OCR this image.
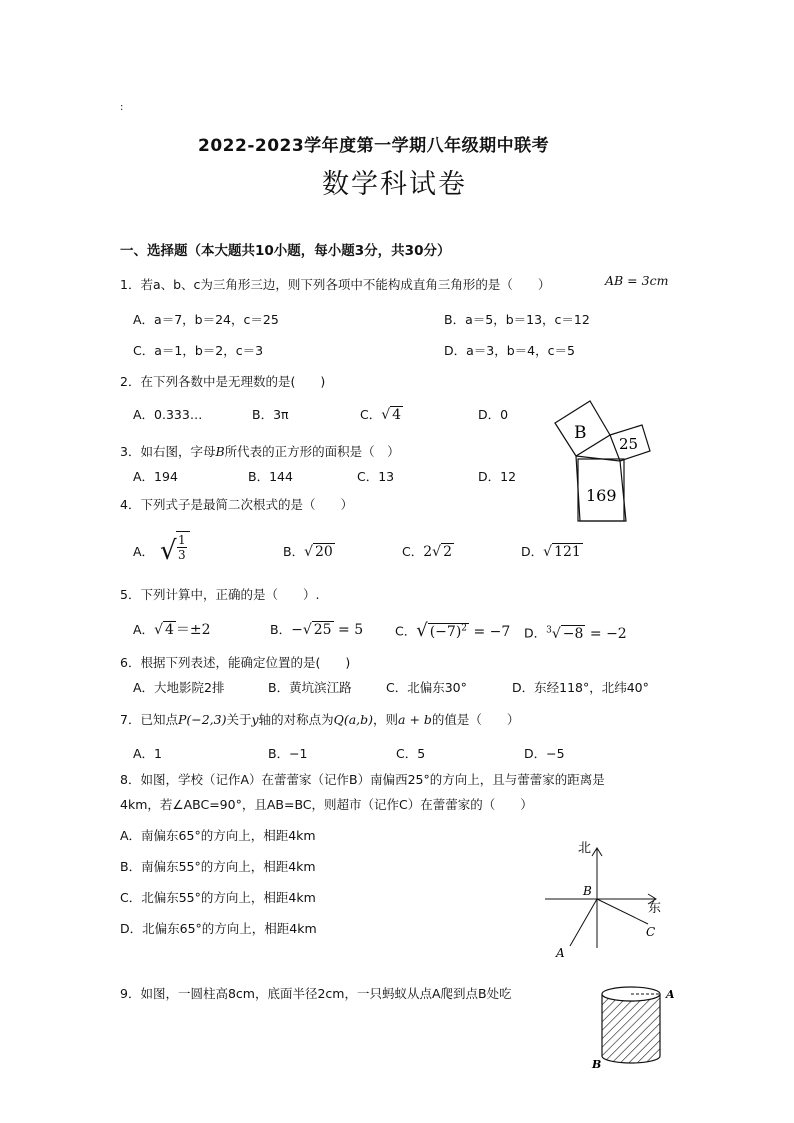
:
2022-2023学年度第一学期八年级期中联考
数学科试卷
一、选择题（本大题共10小题，每小题3分，共30分）
1．若a、b、c为三角形三边，则下列各项中不能构成直角三角形的是（　　）	AB = 3cm
A．a＝7，b＝24，c＝25	B．a＝5，b＝13，c＝12
C．a＝1，b＝2，c＝3	D．a＝3，b＝4，c＝5
2．在下列各数中是无理数的是(　　)
A．0.333…	B．3π	C．√ 4	D．0
3．如右图，字母B所代表的正方形的面积是（　）
A．194	B．144	C．13	D．12
B
25
169
4．下列式子是最简二次根式的是（　　）
A． √ 1
3	B．√ 20	C．2√ 2	D．√ 121
5．下列计算中，正确的是（　　）.
A．√ 4 ＝±2	B．−√ 25 = 5	C．√ $(-7)^2 = -7$ D．$^3$√ −8 = −2
6．根据下列表述，能确定位置的是(　　)
A．大地影院2排	B．黄坑滨江路	C．北偏东30°	D．东经118°，北纬40°
7．已知点P(−2,3)关于y轴的对称点为Q(a,b)，则a + b的值是（　　）
A．1	B．−1	C．5	D．−5
8．如图，学校（记作A）在蕾蕾家（记作B）南偏西25°的方向上，且与蕾蕾家的距离是
4km，若∠ABC=90°，且AB=BC，则超市（记作C）在蕾蕾家的（　　）
A．南偏东65°的方向上，相距4km
B．南偏东55°的方向上，相距4km
C．北偏东55°的方向上，相距4km
D．北偏东65°的方向上，相距4km
北
东
B
A
C
9．如图，一圆柱高8cm，底面半径2cm，一只蚂蚁从点A爬到点B处吃	A
B
